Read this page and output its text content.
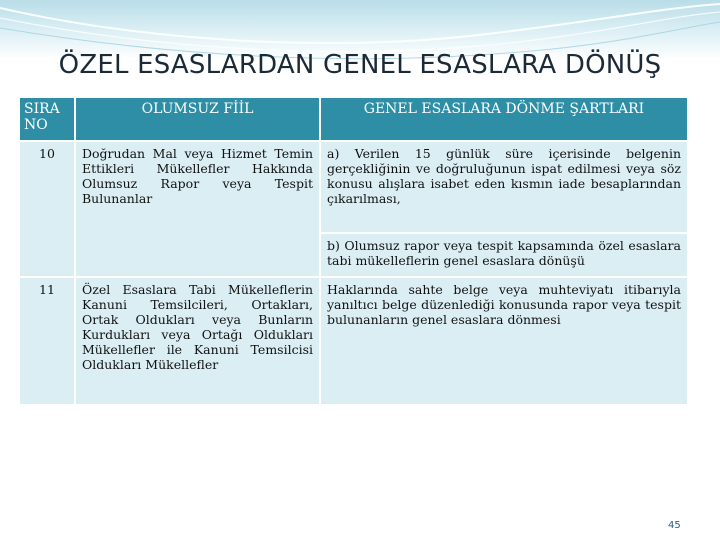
ÖZEL ESASLARDAN GENEL ESASLARA DÖNÜŞ
SIRA NO	OLUMSUZ FİİL	GENEL ESASLARA DÖNME ŞARTLARI
10	Doğrudan Mal veya Hizmet Temin Ettikleri Mükellefler Hakkında Olumsuz Rapor veya Tespit Bulunanlar	a) Verilen 15 günlük süre içerisinde belgenin gerçekliğinin ve doğruluğunun ispat edilmesi veya söz konusu alışlara isabet eden kısmın iade besaplarından çıkarılması,
		b) Olumsuz rapor veya tespit kapsamında özel esaslara tabi mükelleflerin genel esaslara dönüşü
11	Özel Esaslara Tabi Mükelleflerin Kanuni Temsilcileri, Ortakları, Ortak Oldukları veya Bunların Kurdukları veya Ortağı Oldukları Mükellefler ile Kanuni Temsilcisi Oldukları Mükellefler	Haklarında sahte belge veya muhteviyatı itibarıyla yanıltıcı belge düzenlediği konusunda rapor veya tespit bulunanların genel esaslara dönmesi
45
